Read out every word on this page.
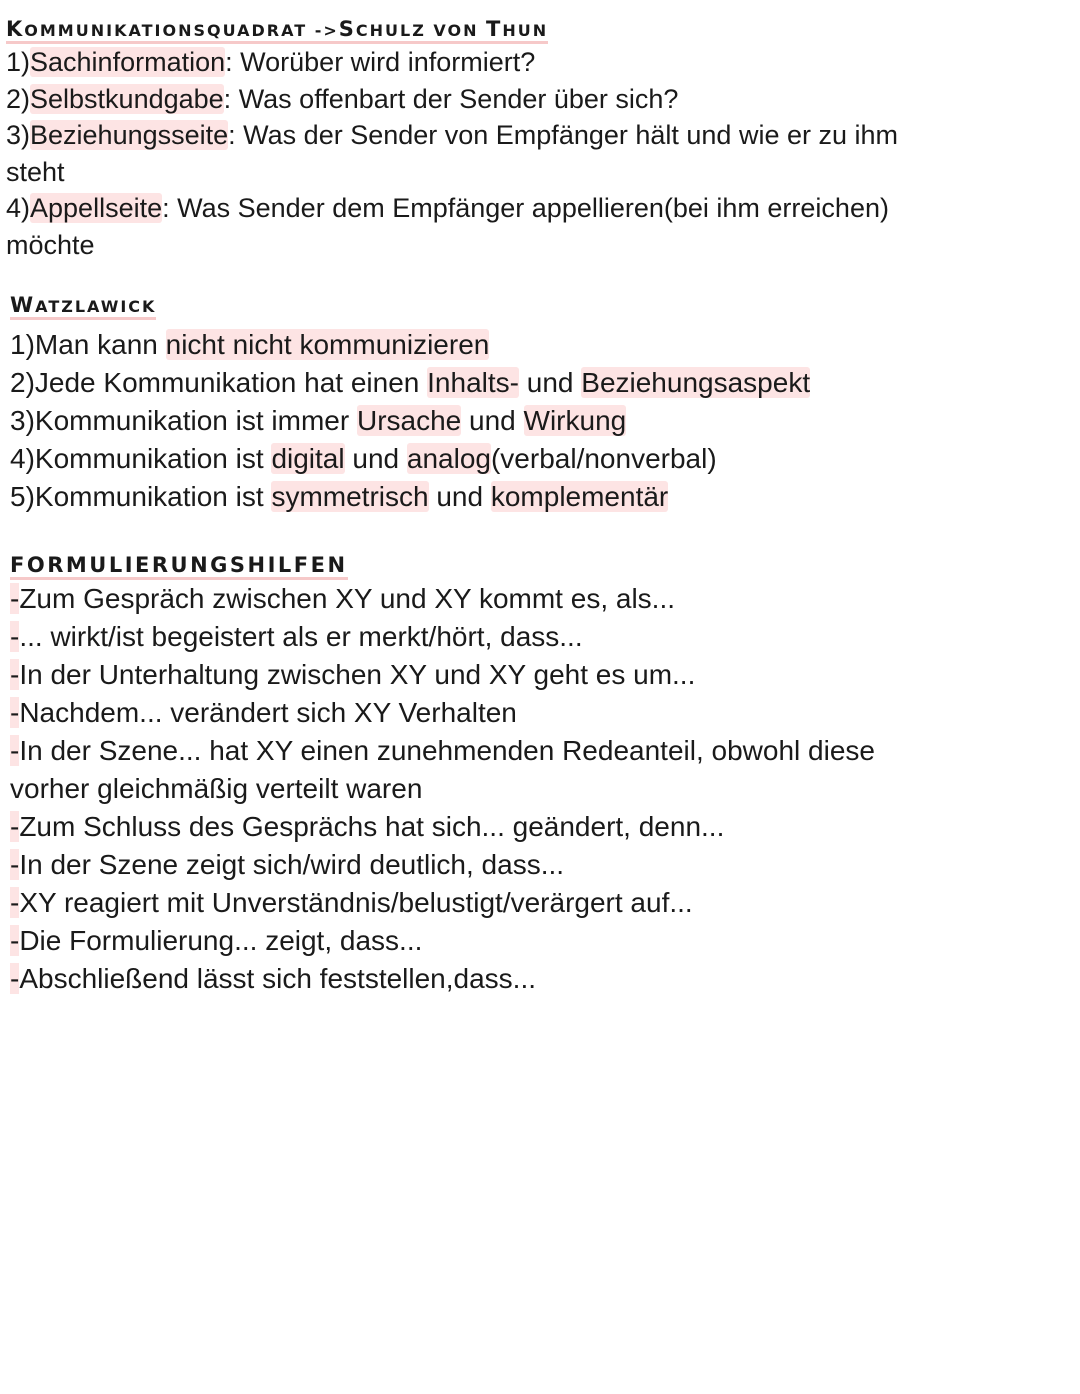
KOMMUNIKATIONSQUADRAT ->SCHULZ VON THUN

1)Sachinformation: Worüber wird informiert?

2)Selbstkundgabe: Was offenbart der Sender über sich?

3)Beziehungsseite: Was der Sender von Empfänger hält und wie er zu ihm

steht

4)Appellseite: Was Sender dem Empfänger appellieren(bei ihm erreichen)

möchte

WATZLAWICK

1)Man kann nicht nicht kommunizieren

2)Jede Kommunikation hat einen Inhalts- und Beziehungsaspekt

3)Kommunikation ist immer Ursache und Wirkung

4)Kommunikation ist digital und analog(verbal/nonverbal)

5)Kommunikation ist symmetrisch und komplementär

FORMULIERUNGSHILFEN

-Zum Gespräch zwischen XY und XY kommt es, als...

-... wirkt/ist begeistert als er merkt/hört, dass...

-In der Unterhaltung zwischen XY und XY geht es um...

-Nachdem... verändert sich XY Verhalten

-In der Szene... hat XY einen zunehmenden Redeanteil, obwohl diese

vorher gleichmäßig verteilt waren

-Zum Schluss des Gesprächs hat sich... geändert, denn...

-In der Szene zeigt sich/wird deutlich, dass...

-XY reagiert mit Unverständnis/belustigt/verärgert auf...

-Die Formulierung... zeigt, dass...

-Abschließend lässt sich feststellen,dass...
